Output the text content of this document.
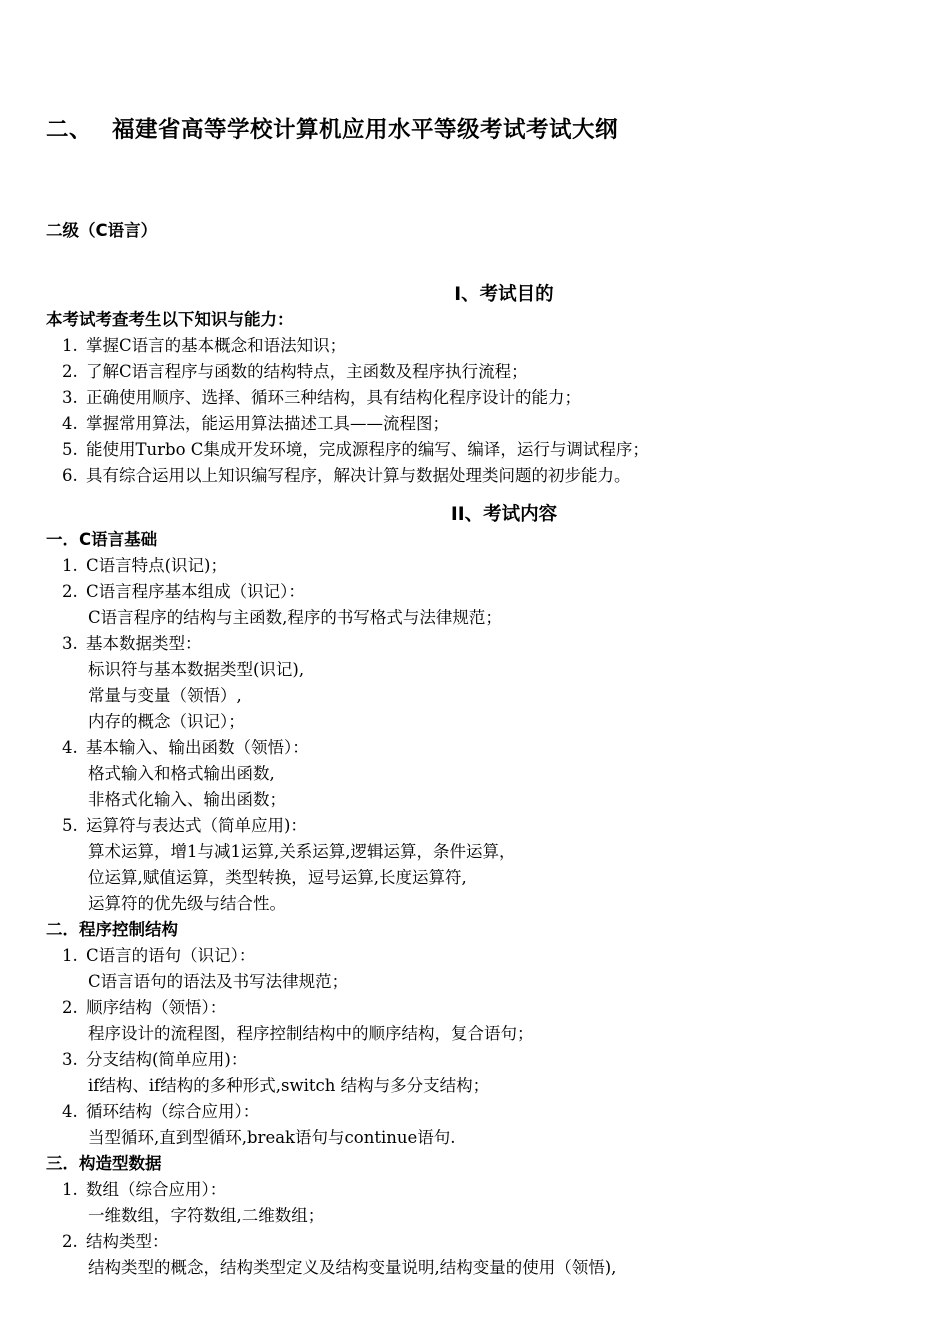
二、 福建省高等学校计算机应用水平等级考试考试大纲
二级（C语言）
I、考试目的
本考试考查考生以下知识与能力：
1. 掌握C语言的基本概念和语法知识；
2. 了解C语言程序与函数的结构特点，主函数及程序执行流程；
3. 正确使用顺序、选择、循环三种结构，具有结构化程序设计的能力；
4. 掌握常用算法，能运用算法描述工具——流程图；
5. 能使用Turbo C集成开发环境，完成源程序的编写、编译，运行与调试程序；
6. 具有综合运用以上知识编写程序，解决计算与数据处理类问题的初步能力。
II、考试内容
一．C语言基础
1. C语言特点(识记)；
2. C语言程序基本组成（识记）：
C语言程序的结构与主函数,程序的书写格式与法律规范；
3. 基本数据类型：
标识符与基本数据类型(识记),
常量与变量（领悟）,
内存的概念（识记）；
4. 基本输入、输出函数（领悟）：
格式输入和格式输出函数,
非格式化输入、输出函数；
5. 运算符与表达式（简单应用)：
算术运算，增1与减1运算,关系运算,逻辑运算，条件运算，
位运算,赋值运算，类型转换，逗号运算,长度运算符,
运算符的优先级与结合性。
二．程序控制结构
1. C语言的语句（识记）：
C语言语句的语法及书写法律规范；
2. 顺序结构（领悟）：
程序设计的流程图，程序控制结构中的顺序结构，复合语句；
3. 分支结构(简单应用)：
if结构、if结构的多种形式,switch 结构与多分支结构；
4. 循环结构（综合应用）：
当型循环,直到型循环,break语句与continue语句.
三．构造型数据
1. 数组（综合应用）：
一维数组，字符数组,二维数组；
2. 结构类型：
结构类型的概念，结构类型定义及结构变量说明,结构变量的使用（领悟),
